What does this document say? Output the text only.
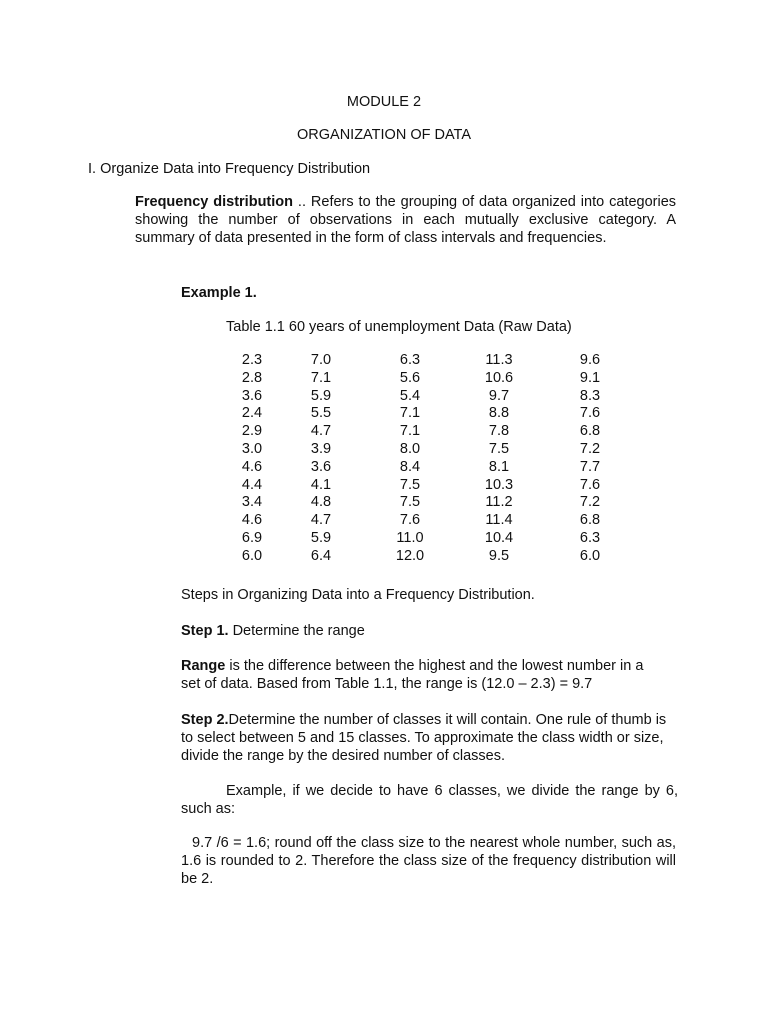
MODULE 2
ORGANIZATION OF DATA
I. Organize Data into Frequency Distribution
Frequency distribution .. Refers to the grouping of data organized into categories showing the number of observations in each mutually exclusive category. A summary of data presented in the form of class intervals and frequencies.
Example 1.
Table 1.1 60 years of unemployment Data (Raw Data)
2.3	7.0	6.3	11.3	9.6
2.8	7.1	5.6	10.6	9.1
3.6	5.9	5.4	9.7	8.3
2.4	5.5	7.1	8.8	7.6
2.9	4.7	7.1	7.8	6.8
3.0	3.9	8.0	7.5	7.2
4.6	3.6	8.4	8.1	7.7
4.4	4.1	7.5	10.3	7.6
3.4	4.8	7.5	11.2	7.2
4.6	4.7	7.6	11.4	6.8
6.9	5.9	11.0	10.4	6.3
6.0	6.4	12.0	9.5	6.0
Steps in Organizing Data into a Frequency Distribution.
Step 1. Determine the range
Range is the difference between the highest and the lowest number in a set of data. Based from Table 1.1, the range is (12.0 – 2.3) = 9.7
Step 2.Determine the number of classes it will contain. One rule of thumb is to select between 5 and 15 classes. To approximate the class width or size, divide the range by the desired number of classes.
Example, if we decide to have 6 classes, we divide the range by 6, such as:
9.7 /6 = 1.6; round off the class size to the nearest whole number, such as, 1.6 is rounded to 2. Therefore the class size of the frequency distribution will be 2.
